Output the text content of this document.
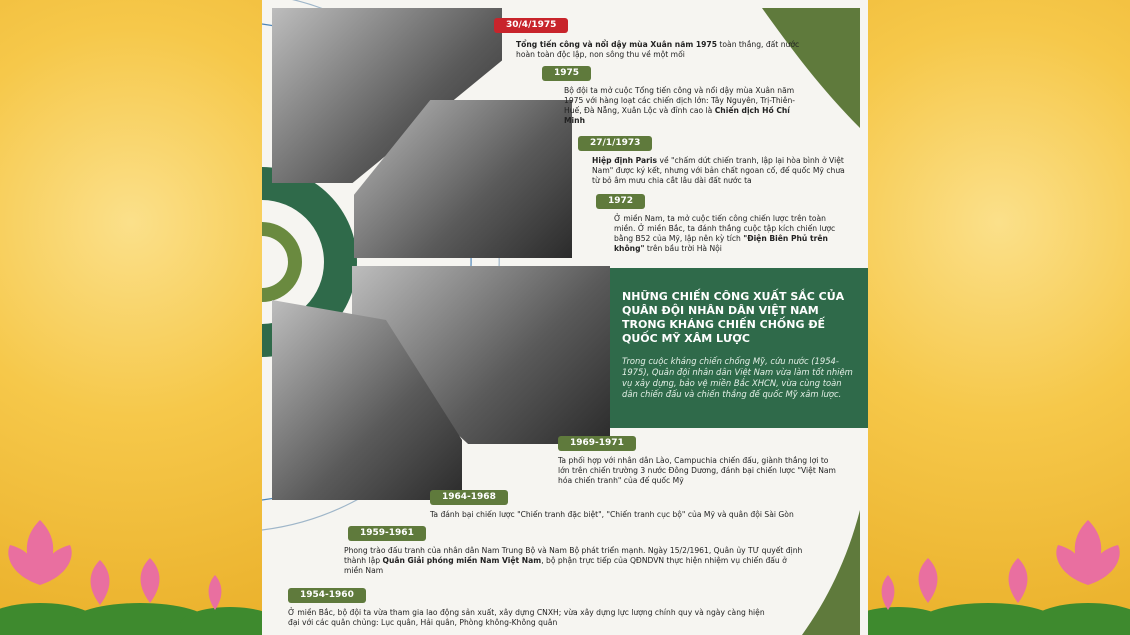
NHỮNG CHIẾN CÔNG XUẤT SẮC CỦA QUÂN ĐỘI NHÂN DÂN VIỆT NAM TRONG KHÁNG CHIẾN CHỐNG ĐẾ QUỐC MỸ XÂM LƯỢC

Trong cuộc kháng chiến chống Mỹ, cứu nước (1954-1975), Quân đội nhân dân Việt Nam vừa làm tốt nhiệm vụ xây dựng, bảo vệ miền Bắc XHCN, vừa cùng toàn dân chiến đấu và chiến thắng đế quốc Mỹ xâm lược.

30/4/1975
Tổng tiến công và nổi dậy mùa Xuân năm 1975 toàn thắng, đất nước hoàn toàn độc lập, non sông thu về một mối
1975
Bộ đội ta mở cuộc Tổng tiến công và nổi dậy mùa Xuân năm 1975 với hàng loạt các chiến dịch lớn: Tây Nguyên, Trị-Thiên-Huế, Đà Nẵng, Xuân Lộc và đỉnh cao là Chiến dịch Hồ Chí Minh
27/1/1973
Hiệp định Paris về "chấm dứt chiến tranh, lập lại hòa bình ở Việt Nam" được ký kết, nhưng với bản chất ngoan cố, đế quốc Mỹ chưa từ bỏ âm mưu chia cắt lâu dài đất nước ta
1972
Ở miền Nam, ta mở cuộc tiến công chiến lược trên toàn miền. Ở miền Bắc, ta đánh thắng cuộc tập kích chiến lược bằng B52 của Mỹ, lập nên kỳ tích "Điện Biên Phủ trên không" trên bầu trời Hà Nội
1969-1971
Ta phối hợp với nhân dân Lào, Campuchia chiến đấu, giành thắng lợi to lớn trên chiến trường 3 nước Đông Dương, đánh bại chiến lược "Việt Nam hóa chiến tranh" của đế quốc Mỹ
1964-1968
Ta đánh bại chiến lược "Chiến tranh đặc biệt", "Chiến tranh cục bộ" của Mỹ và quân đội Sài Gòn
1959-1961
Phong trào đấu tranh của nhân dân Nam Trung Bộ và Nam Bộ phát triển mạnh. Ngày 15/2/1961, Quân ủy TƯ quyết định thành lập Quân Giải phóng miền Nam Việt Nam, bộ phận trực tiếp của QĐNDVN thực hiện nhiệm vụ chiến đấu ở miền Nam
1954-1960
Ở miền Bắc, bộ đội ta vừa tham gia lao động sản xuất, xây dựng CNXH; vừa xây dựng lực lượng chính quy và ngày càng hiện đại với các quân chủng: Lục quân, Hải quân, Phòng không-Không quân
